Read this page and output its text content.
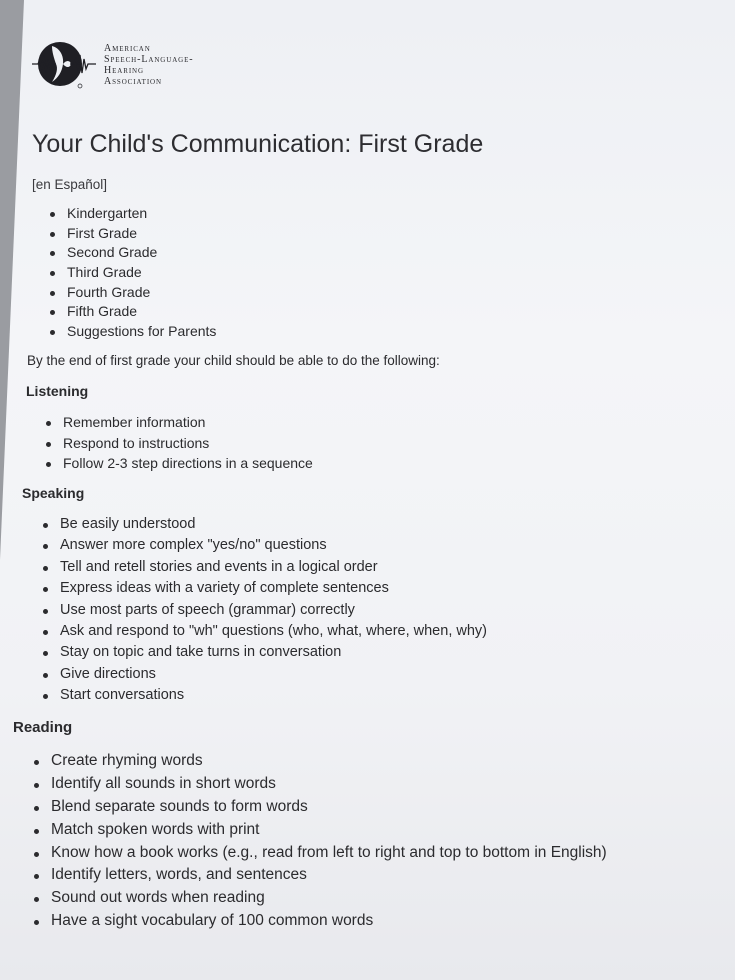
American
Speech-Language-
Hearing
Association
Your Child's Communication: First Grade
[en Español]
Kindergarten
First Grade
Second Grade
Third Grade
Fourth Grade
Fifth Grade
Suggestions for Parents
By the end of first grade your child should be able to do the following:
Listening
Remember information
Respond to instructions
Follow 2-3 step directions in a sequence
Speaking
Be easily understood
Answer more complex "yes/no" questions
Tell and retell stories and events in a logical order
Express ideas with a variety of complete sentences
Use most parts of speech (grammar) correctly
Ask and respond to "wh" questions (who, what, where, when, why)
Stay on topic and take turns in conversation
Give directions
Start conversations
Reading
Create rhyming words
Identify all sounds in short words
Blend separate sounds to form words
Match spoken words with print
Know how a book works (e.g., read from left to right and top to bottom in English)
Identify letters, words, and sentences
Sound out words when reading
Have a sight vocabulary of 100 common words
